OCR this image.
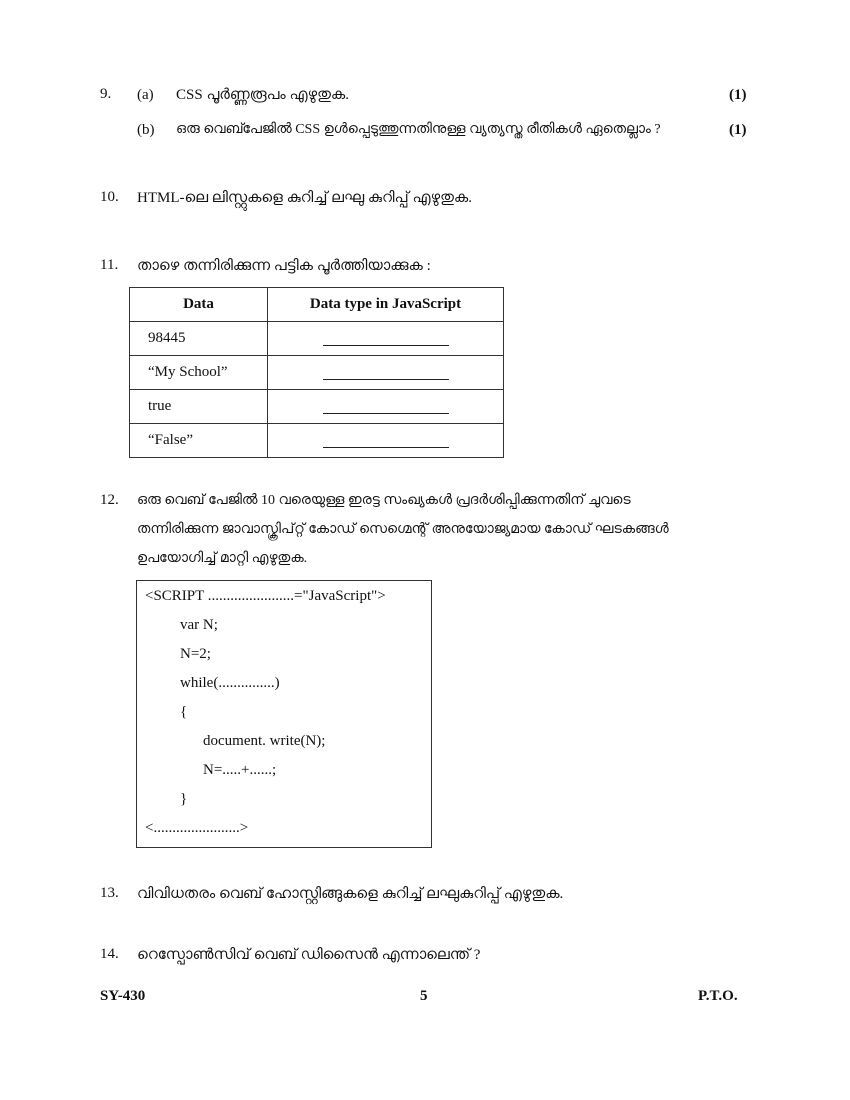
9. (a) CSS പൂർണ്ണരൂപം എഴുതുക.	(1)
(b) ഒരു വെബ്പേജിൽ CSS ഉൾപ്പെടുത്തുന്നതിനുള്ള വ്യത്യസ്ത രീതികൾ ഏതെല്ലാം ?	(1)
10. HTML-ലെ ലിസ്റ്റുകളെ കുറിച്ച് ലഘു കുറിപ്പ് എഴുതുക.
11. താഴെ തന്നിരിക്കുന്ന പട്ടിക പൂർത്തിയാക്കുക :
Data	Data type in JavaScript
98445	
“My School”	
true	
“False”	
12. ഒരു വെബ് പേജിൽ 10 വരെയുള്ള ഇരട്ട സംഖ്യകൾ പ്രദർശിപ്പിക്കുന്നതിന് ചുവടെ
തന്നിരിക്കുന്ന ജാവാസ്ക്രിപ്റ്റ് കോഡ് സെഗ്മെന്റ് അനുയോജ്യമായ കോഡ് ഘടകങ്ങൾ
ഉപയോഗിച്ച് മാറ്റി എഴുതുക.
<SCRIPT .......................="JavaScript">
var N;
N=2;
while(...............)
{
document. write(N);
N=.....+......;
}
<.......................>
13. വിവിധതരം വെബ് ഹോസ്റ്റിങ്ങുകളെ കുറിച്ച് ലഘുകുറിപ്പ് എഴുതുക.
14. റെസ്പോൺസിവ് വെബ് ഡിസൈൻ എന്നാലെന്ത് ?
SY-430	5	P.T.O.
